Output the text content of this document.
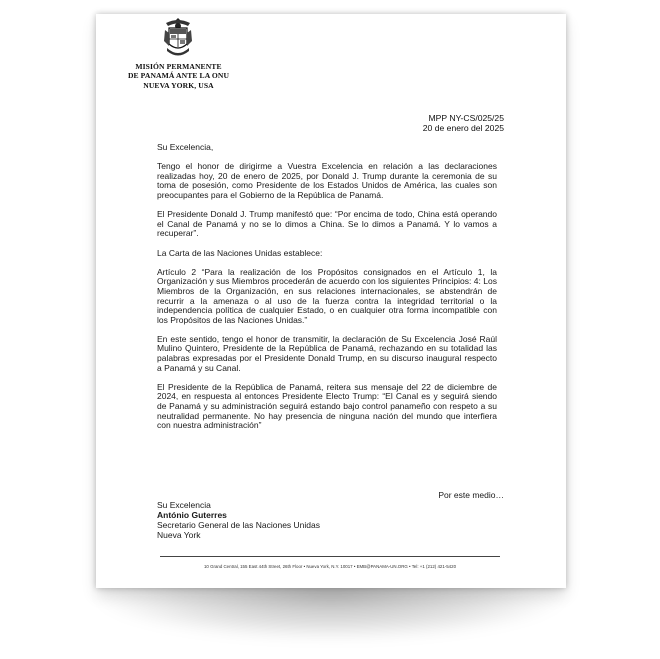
MISIÓN PERMANENTE
DE PANAMÁ ANTE LA ONU
NUEVA YORK, USA
MPP NY-CS/025/25
20 de enero del 2025

Su Excelencia,

Tengo el honor de dirigirme a Vuestra Excelencia en relación a las declaraciones realizadas hoy, 20 de enero de 2025, por Donald J. Trump durante la ceremonia de su toma de posesión, como Presidente de los Estados Unidos de América, las cuales son preocupantes para el Gobierno de la República de Panamá.

El Presidente Donald J. Trump manifestó que: “Por encima de todo, China está operando el Canal de Panamá y no se lo dimos a China. Se lo dimos a Panamá. Y lo vamos a recuperar”.

La Carta de las Naciones Unidas establece:

Artículo 2 “Para la realización de los Propósitos consignados en el Artículo 1, la Organización y sus Miembros procederán de acuerdo con los siguientes Principios: 4: Los Miembros de la Organización, en sus relaciones internacionales, se abstendrán de recurrir a la amenaza o al uso de la fuerza contra la integridad territorial o la independencia política de cualquier Estado, o en cualquier otra forma incompatible con los Propósitos de las Naciones Unidas.”

En este sentido, tengo el honor de transmitir, la declaración de Su Excelencia José Raúl Mulino Quintero, Presidente de la República de Panamá, rechazando en su totalidad las palabras expresadas por el Presidente Donald Trump, en su discurso inaugural respecto a Panamá y su Canal.

El Presidente de la República de Panamá, reitera sus mensaje del 22 de diciembre de 2024, en respuesta al entonces Presidente Electo Trump: “El Canal es y seguirá siendo de Panamá y su administración seguirá estando bajo control panameño con respeto a su neutralidad permanente. No hay presencia de ninguna nación del mundo que interfiera con nuestra administración”

Por este medio…
Su Excelencia
António Guterres
Secretario General de las Naciones Unidas
Nueva York
10 Grand Central, 155 East 44th Street, 26th Floor • Nueva York, N.Y. 10017 • EMB@PANAMA-UN.ORG • Tel: +1 (212) 421-5420
